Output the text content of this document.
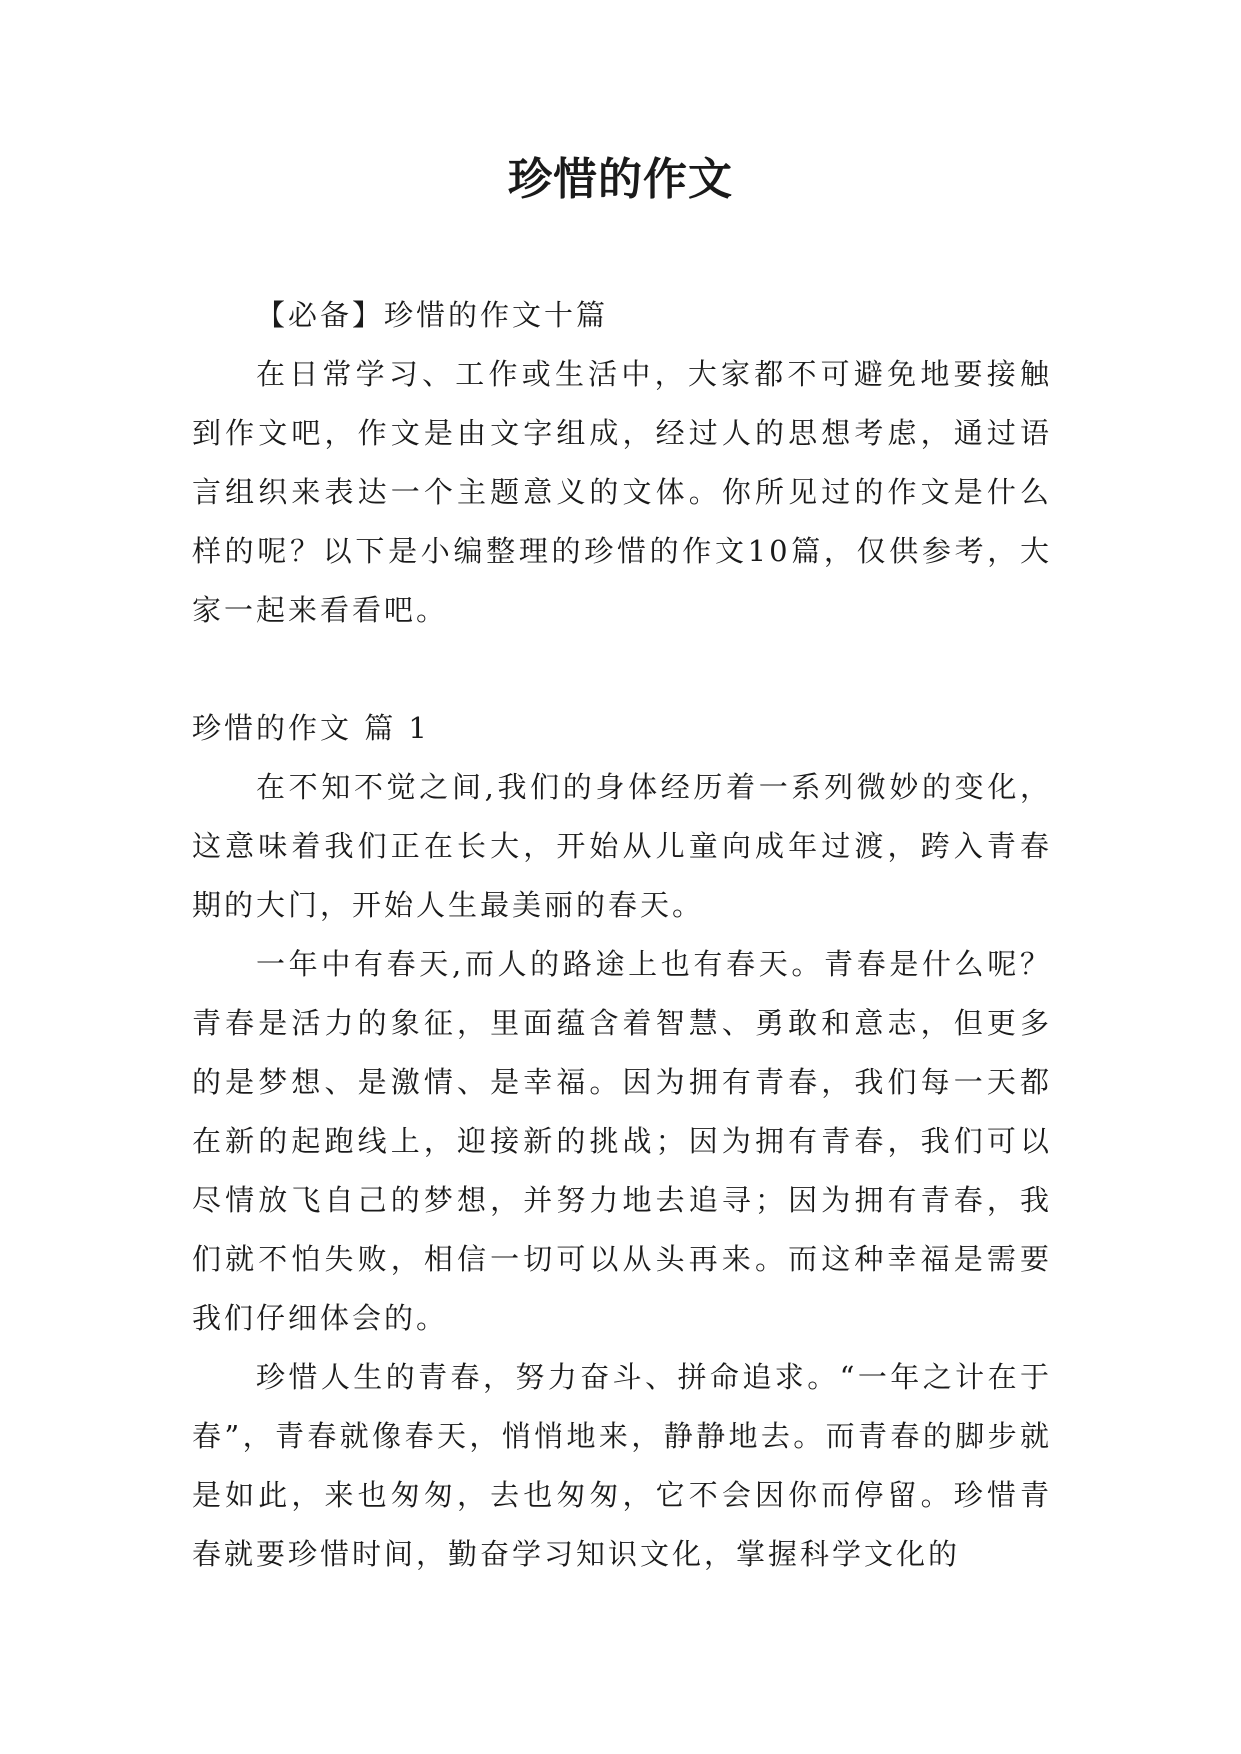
珍惜的作文

【必备】珍惜的作文十篇

在日常学习、工作或生活中，大家都不可避免地要接触到作文吧，作文是由文字组成，经过人的思想考虑，通过语言组织来表达一个主题意义的文体。你所见过的作文是什么样的呢？以下是小编整理的珍惜的作文10篇，仅供参考，大家一起来看看吧。

珍惜的作文 篇 1

在不知不觉之间,我们的身体经历着一系列微妙的变化，这意味着我们正在长大，开始从儿童向成年过渡，跨入青春期的大门，开始人生最美丽的春天。

一年中有春天,而人的路途上也有春天。青春是什么呢？青春是活力的象征，里面蕴含着智慧、勇敢和意志，但更多的是梦想、是激情、是幸福。因为拥有青春，我们每一天都在新的起跑线上，迎接新的挑战；因为拥有青春，我们可以尽情放飞自己的梦想，并努力地去追寻；因为拥有青春，我们就不怕失败，相信一切可以从头再来。而这种幸福是需要我们仔细体会的。

珍惜人生的青春，努力奋斗、拼命追求。“一年之计在于春”，青春就像春天，悄悄地来，静静地去。而青春的脚步就是如此，来也匆匆，去也匆匆，它不会因你而停留。珍惜青春就要珍惜时间，勤奋学习知识文化，掌握科学文化的
